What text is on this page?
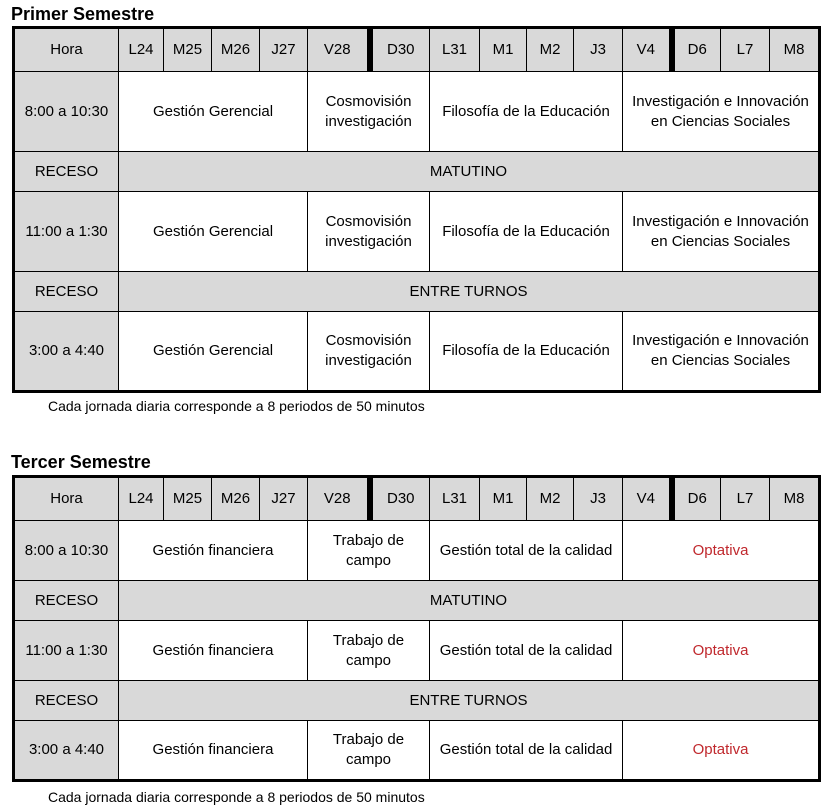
Primer Semestre
Hora	L24	M25	M26	J27	V28	D30	L31	M1	M2	J3	V4	D6	L7	M8
8:00 a 10:30	Gestión Gerencial				Cosmovisión investigación		Filosofía de la Educación				Investigación e Innovación en Ciencias Sociales			
RECESO	MATUTINO													
11:00 a 1:30	Gestión Gerencial				Cosmovisión investigación		Filosofía de la Educación				Investigación e Innovación en Ciencias Sociales			
RECESO	ENTRE TURNOS													
3:00 a 4:40	Gestión Gerencial				Cosmovisión investigación		Filosofía de la Educación				Investigación e Innovación en Ciencias Sociales			
Cada jornada diaria corresponde a 8 periodos de 50 minutos
Tercer Semestre
Hora	L24	M25	M26	J27	V28	D30	L31	M1	M2	J3	V4	D6	L7	M8
8:00 a 10:30	Gestión financiera				Trabajo de campo		Gestión total de la calidad				Optativa			
RECESO	MATUTINO													
11:00 a 1:30	Gestión financiera				Trabajo de campo		Gestión total de la calidad				Optativa			
RECESO	ENTRE TURNOS													
3:00 a 4:40	Gestión financiera				Trabajo de campo		Gestión total de la calidad				Optativa			
Cada jornada diaria corresponde a 8 periodos de 50 minutos
